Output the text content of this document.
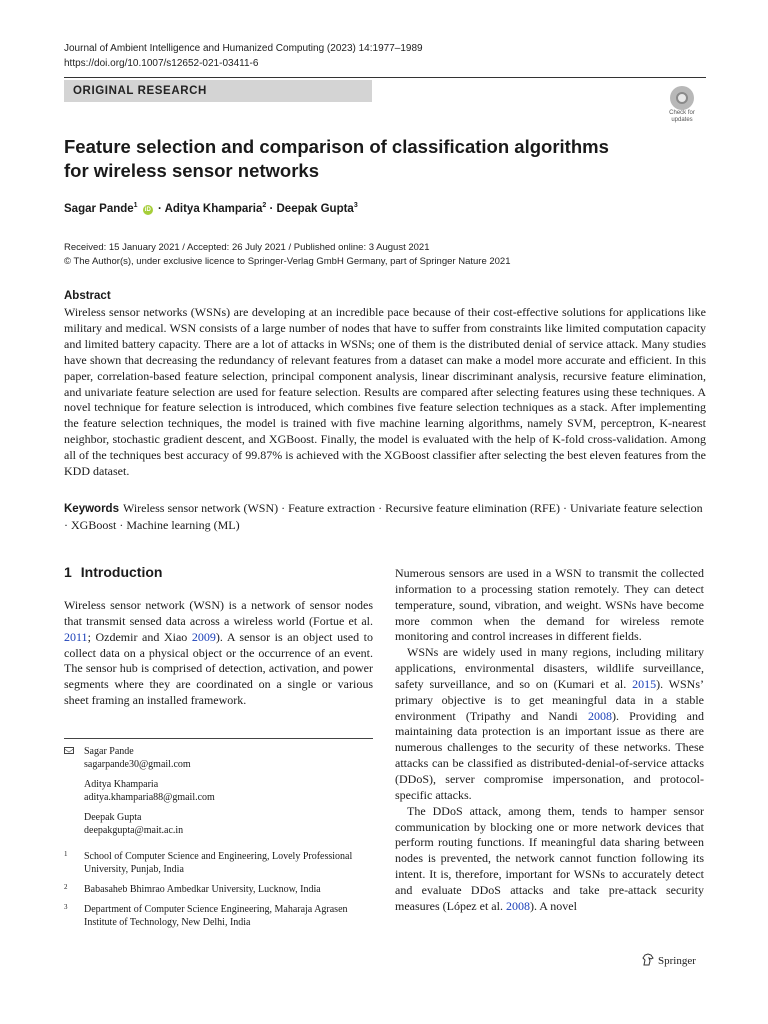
Journal of Ambient Intelligence and Humanized Computing (2023) 14:1977–1989
https://doi.org/10.1007/s12652-021-03411-6
ORIGINAL RESEARCH
Check for
updates
Feature selection and comparison of classification algorithms
for wireless sensor networks
Sagar Pande$^1$ iD · Aditya Khamparia$^2$ · Deepak Gupta$^3$
Received: 15 January 2021 / Accepted: 26 July 2021 / Published online: 3 August 2021
© The Author(s), under exclusive licence to Springer-Verlag GmbH Germany, part of Springer Nature 2021
Abstract
Wireless sensor networks (WSNs) are developing at an incredible pace because of their cost-effective solutions for applications like military and medical. WSN consists of a large number of nodes that have to suffer from constraints like limited computation capacity and limited battery capacity. There are a lot of attacks in WSNs; one of them is the distributed denial of service attack. Many studies have shown that decreasing the redundancy of relevant features from a dataset can make a model more accurate and efficient. In this paper, correlation-based feature selection, principal component analysis, linear discriminant analysis, recursive feature elimination, and univariate feature selection are used for feature selection. Results are compared after selecting features using these techniques. A novel technique for feature selection is introduced, which combines five feature selection techniques as a stack. After implementing the feature selection techniques, the model is trained with five machine learning algorithms, namely SVM, perceptron, K-nearest neighbor, stochastic gradient descent, and XGBoost. Finally, the model is evaluated with the help of K-fold cross-validation. Among all of the techniques best accuracy of 99.87% is achieved with the XGBoost classifier after selecting the best eleven features from the KDD dataset.
Keywords Wireless sensor network (WSN) · Feature extraction · Recursive feature elimination (RFE) · Univariate feature selection · XGBoost · Machine learning (ML)
1 Introduction

Wireless sensor network (WSN) is a network of sensor nodes that transmit sensed data across a wireless world (Fortue et al. 2011; Ozdemir and Xiao 2009). A sensor is an object used to collect data on a physical object or the occurrence of an event. The sensor hub is comprised of detection, activation, and power segments where they are coordinated on a single or various sheet framing an installed framework.

Sagar Pande
sagarpande30@gmail.com
Aditya Khamparia
aditya.khamparia88@gmail.com
Deepak Gupta
deepakgupta@mait.ac.in
1 School of Computer Science and Engineering, Lovely Professional University, Punjab, India
2 Babasaheb Bhimrao Ambedkar University, Lucknow, India
3 Department of Computer Science Engineering, Maharaja Agrasen Institute of Technology, New Delhi, India

Numerous sensors are used in a WSN to transmit the collected information to a processing station remotely. They can detect temperature, sound, vibration, and weight. WSNs have become more common when the demand for wireless remote monitoring and control increases in different fields.

WSNs are widely used in many regions, including military applications, environmental disasters, wildlife surveillance, safety surveillance, and so on (Kumari et al. 2015). WSNs’ primary objective is to get meaningful data in a stable environment (Tripathy and Nandi 2008). Providing and maintaining data protection is an important issue as there are numerous challenges to the security of these networks. These attacks can be classified as distributed-denial-of-service attacks (DDoS), server compromise impersonation, and protocol-specific attacks.

The DDoS attack, among them, tends to hamper sensor communication by blocking one or more network devices that perform routing functions. If meaningful data sharing between nodes is prevented, the network cannot function following its intent. It is, therefore, important for WSNs to accurately detect and evaluate DDoS attacks and take pre-attack security measures (López et al. 2008). A novel

Springer
